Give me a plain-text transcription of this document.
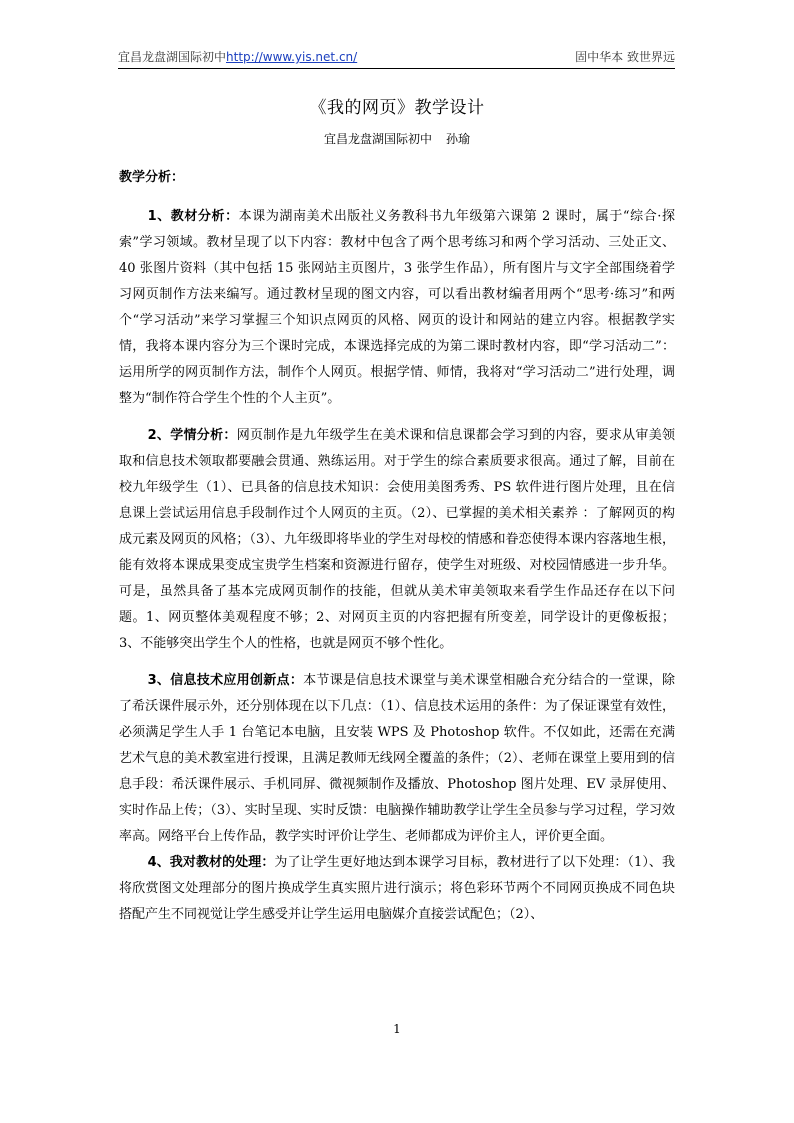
宜昌龙盘湖国际初中http://www.yis.net.cn/	固中华本 致世界远
《我的网页》教学设计
宜昌龙盘湖国际初中 孙瑜
教学分析：

1、教材分析：本课为湖南美术出版社义务教科书九年级第六课第 2 课时，属于“综合·探索”学习领域。教材呈现了以下内容：教材中包含了两个思考练习和两个学习活动、三处正文、40 张图片资料（其中包括 15 张网站主页图片，3 张学生作品），所有图片与文字全部围绕着学习网页制作方法来编写。通过教材呈现的图文内容，可以看出教材编者用两个“思考·练习”和两个“学习活动”来学习掌握三个知识点网页的风格、网页的设计和网站的建立内容。根据教学实情，我将本课内容分为三个课时完成，本课选择完成的为第二课时教材内容，即“学习活动二”：运用所学的网页制作方法，制作个人网页。根据学情、师情，我将对“学习活动二”进行处理，调整为“制作符合学生个性的个人主页”。

2、学情分析：网页制作是九年级学生在美术课和信息课都会学习到的内容，要求从审美领取和信息技术领取都要融会贯通、熟练运用。对于学生的综合素质要求很高。通过了解，目前在校九年级学生（1）、已具备的信息技术知识：会使用美图秀秀、PS 软件进行图片处理，且在信息课上尝试运用信息手段制作过个人网页的主页。（2）、已掌握的美术相关素养 ：了解网页的构成元素及网页的风格；（3）、九年级即将毕业的学生对母校的情感和眷恋使得本课内容落地生根，能有效将本课成果变成宝贵学生档案和资源进行留存，使学生对班级、对校园情感进一步升华。可是，虽然具备了基本完成网页制作的技能，但就从美术审美领取来看学生作品还存在以下问题。1、网页整体美观程度不够；2、对网页主页的内容把握有所变差，同学设计的更像板报；3、不能够突出学生个人的性格，也就是网页不够个性化。

3、信息技术应用创新点：本节课是信息技术课堂与美术课堂相融合充分结合的一堂课，除了希沃课件展示外，还分别体现在以下几点：（1）、信息技术运用的条件：为了保证课堂有效性，必须满足学生人手 1 台笔记本电脑，且安装 WPS 及 Photoshop 软件。不仅如此，还需在充满艺术气息的美术教室进行授课，且满足教师无线网全覆盖的条件；（2）、老师在课堂上要用到的信息手段：希沃课件展示、手机同屏、微视频制作及播放、Photoshop 图片处理、EV 录屏使用、实时作品上传；（3）、实时呈现、实时反馈：电脑操作辅助教学让学生全员参与学习过程，学习效率高。网络平台上传作品，教学实时评价让学生、老师都成为评价主人，评价更全面。

4、我对教材的处理：为了让学生更好地达到本课学习目标，教材进行了以下处理：（1）、我将欣赏图文处理部分的图片换成学生真实照片进行演示；将色彩环节两个不同网页换成不同色块搭配产生不同视觉让学生感受并让学生运用电脑媒介直接尝试配色；（2）、

1
